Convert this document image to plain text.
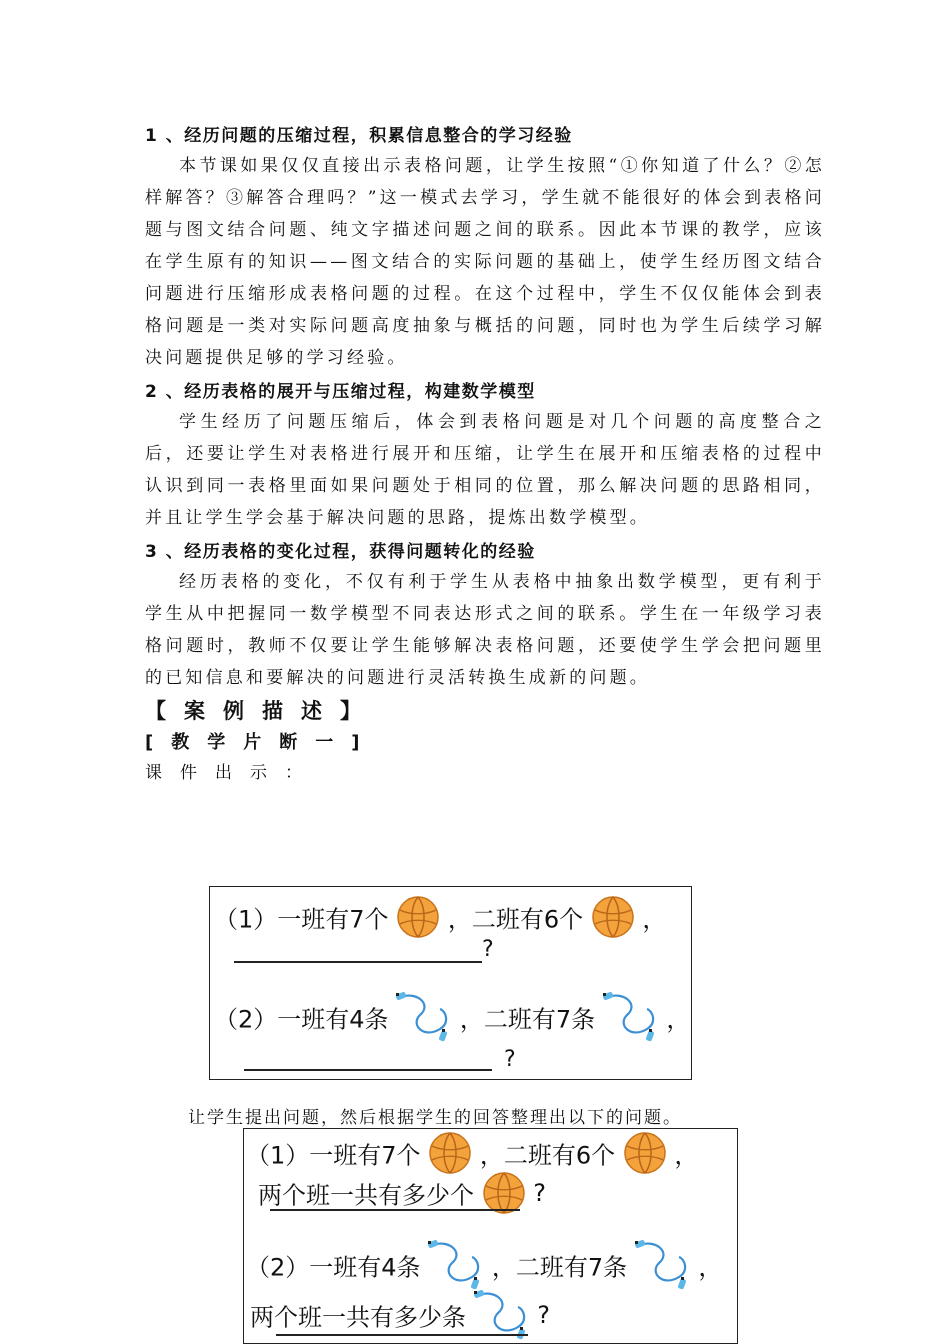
1 、经历问题的压缩过程，积累信息整合的学习经验

本节课如果仅仅直接出示表格问题，让学生按照“①你知道了什么？②怎样解答？③解答合理吗？”这一模式去学习，学生就不能很好的体会到表格问题与图文结合问题、纯文字描述问题之间的联系。因此本节课的教学，应该在学生原有的知识——图文结合的实际问题的基础上，使学生经历图文结合问题进行压缩形成表格问题的过程。在这个过程中，学生不仅仅能体会到表格问题是一类对实际问题高度抽象与概括的问题，同时也为学生后续学习解决问题提供足够的学习经验。

2 、经历表格的展开与压缩过程，构建数学模型

学生经历了问题压缩后，体会到表格问题是对几个问题的高度整合之后，还要让学生对表格进行展开和压缩，让学生在展开和压缩表格的过程中认识到同一表格里面如果问题处于相同的位置，那么解决问题的思路相同，并且让学生学会基于解决问题的思路，提炼出数学模型。

3 、经历表格的变化过程，获得问题转化的经验

经历表格的变化，不仅有利于学生从表格中抽象出数学模型，更有利于学生从中把握同一数学模型不同表达形式之间的联系。学生在一年级学习表格问题时，教师不仅要让学生能够解决表格问题，还要使学生学会把问题里的已知信息和要解决的问题进行灵活转换生成新的问题。

【案例描述】
[教学片断一]
课件出示：
（1）一班有7个 ，二班有6个 ，
?
（2）一班有4条	，二班有7条	，
?
让学生提出问题，然后根据学生的回答整理出以下的问题。
（1）一班有7个 ，二班有6个 ，
两个班一共有多少个 ?
（2）一班有4条	，二班有7条	，
两个班一共有多少条	?
